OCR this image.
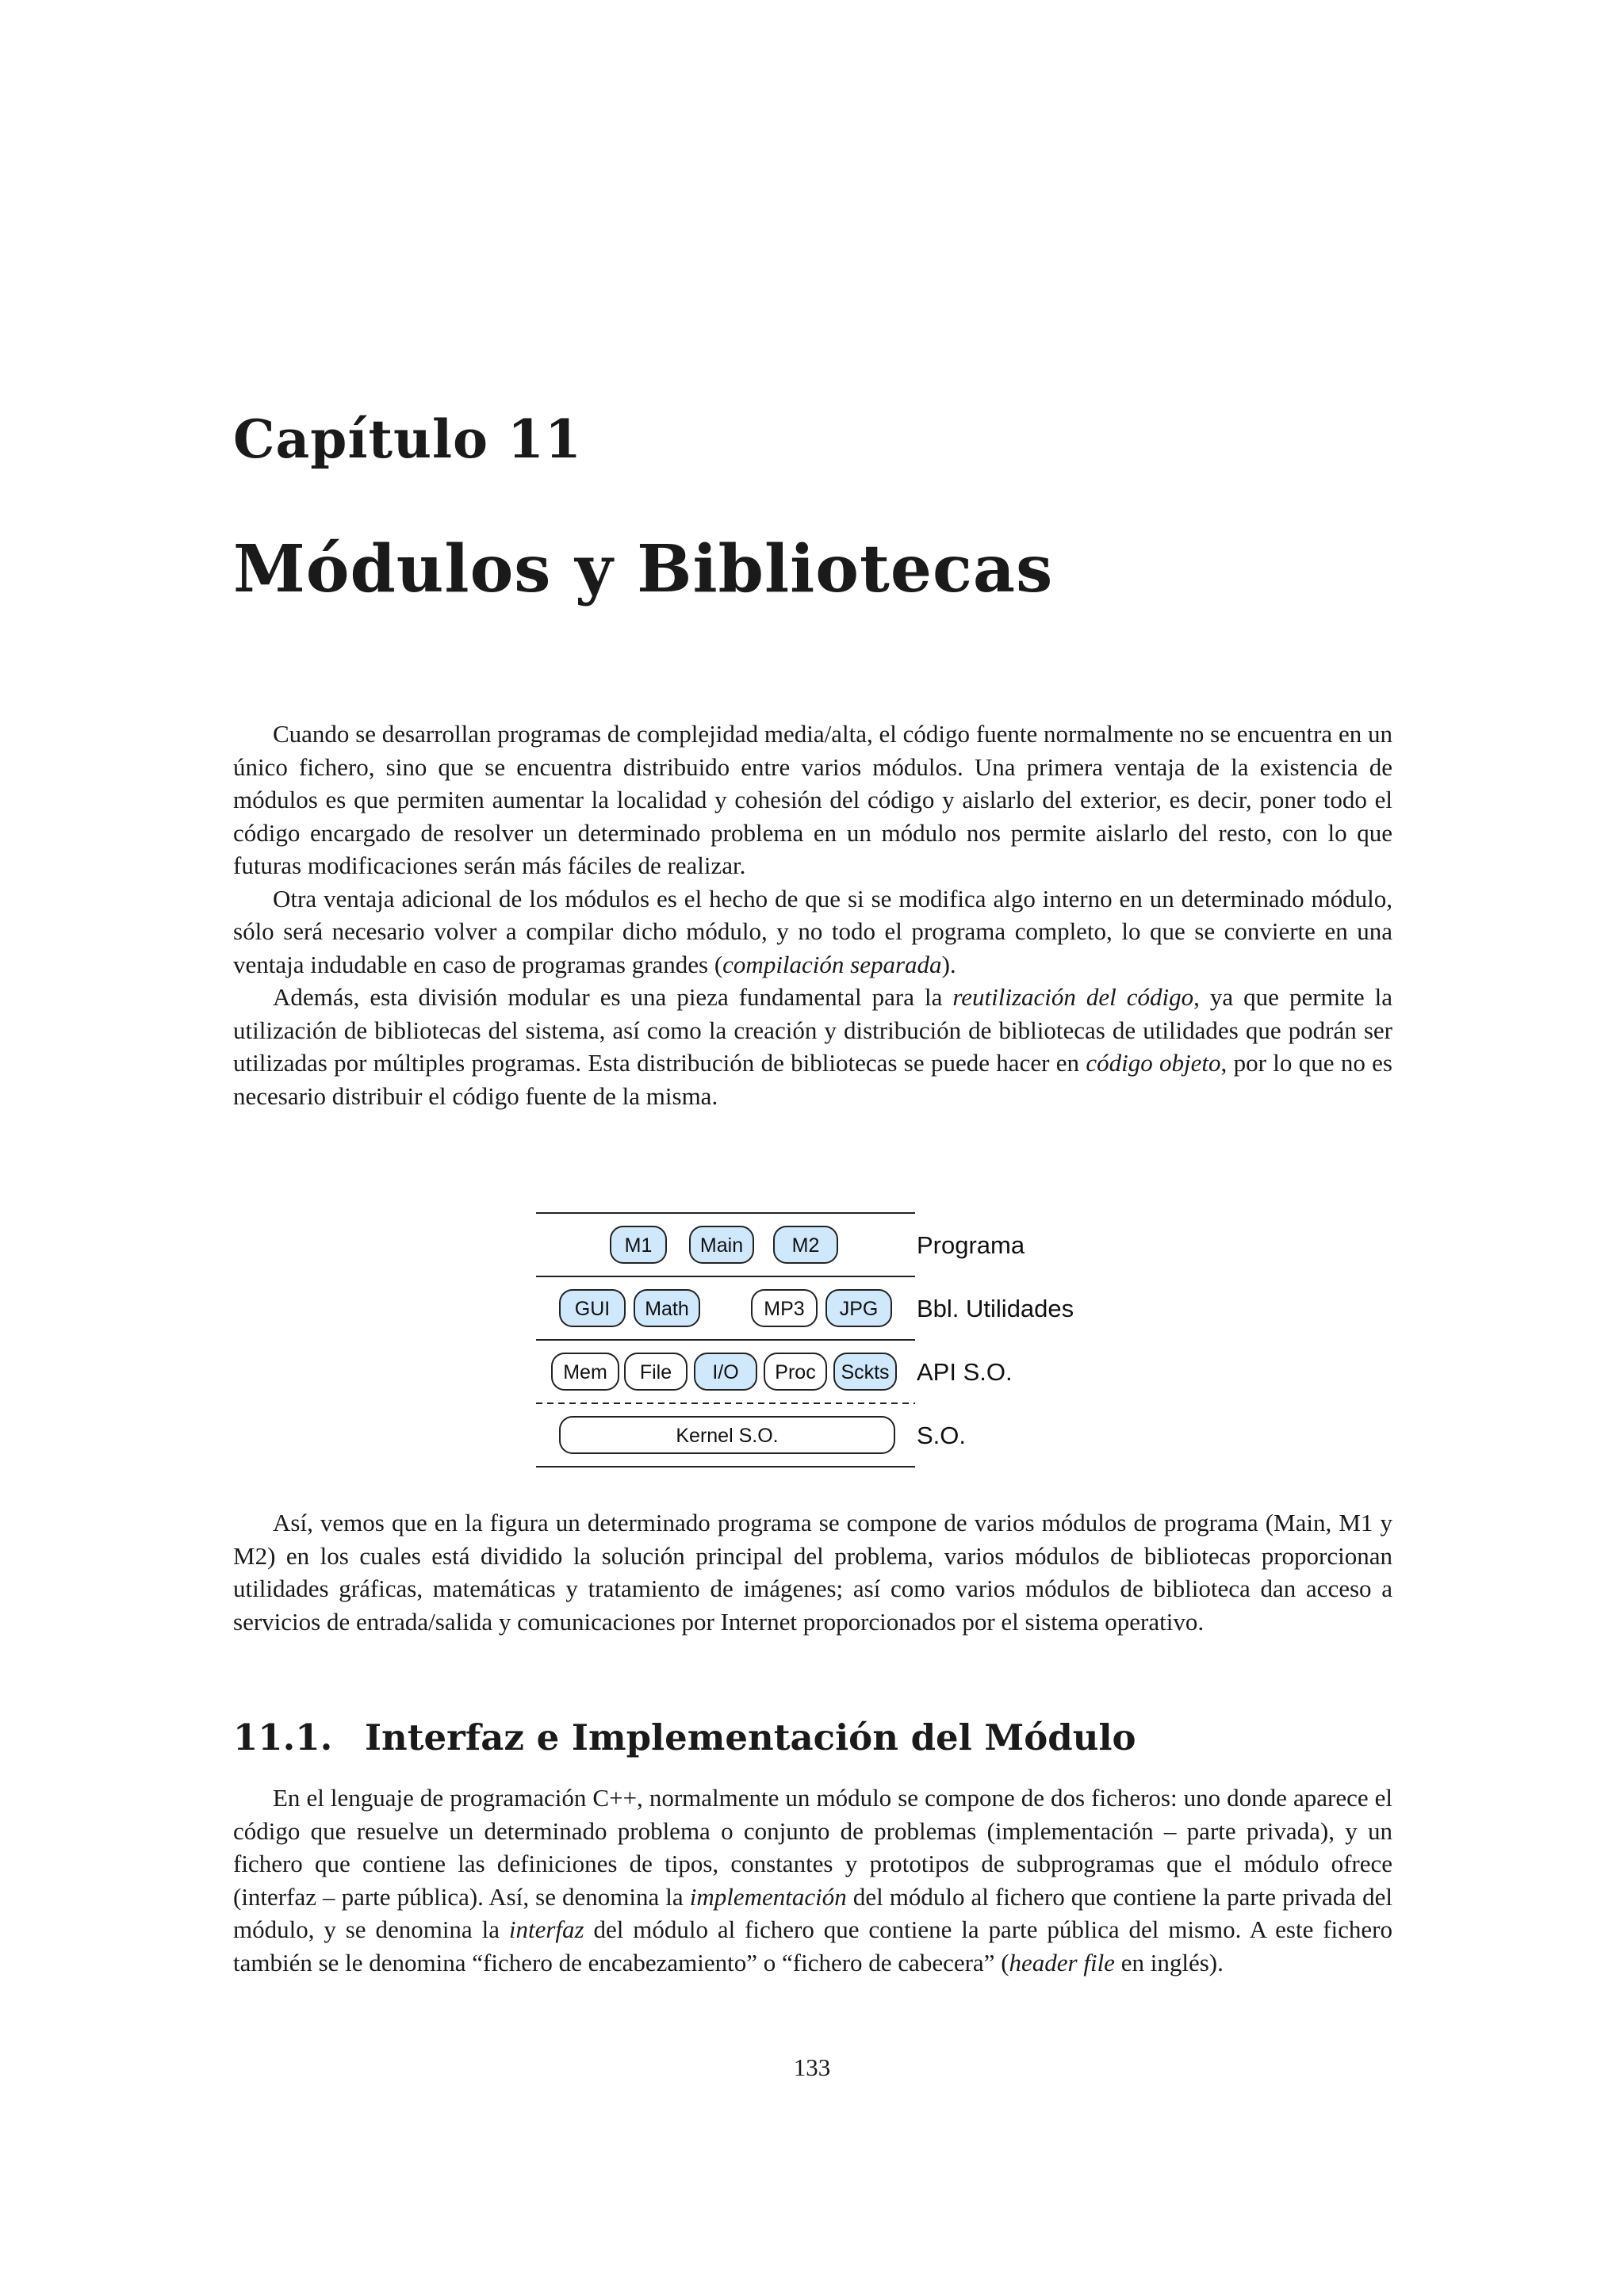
Capítulo 11
Módulos y Bibliotecas

Cuando se desarrollan programas de complejidad media/alta, el código fuente normalmente no se encuentra en un único fichero, sino que se encuentra distribuido entre varios módulos. Una primera ventaja de la existencia de módulos es que permiten aumentar la localidad y cohesión del código y aislarlo del exterior, es decir, poner todo el código encargado de resolver un determinado problema en un módulo nos permite aislarlo del resto, con lo que futuras modificaciones serán más fáciles de realizar.

Otra ventaja adicional de los módulos es el hecho de que si se modifica algo interno en un determinado módulo, sólo será necesario volver a compilar dicho módulo, y no todo el programa completo, lo que se convierte en una ventaja indudable en caso de programas grandes (compilación separada).

Además, esta división modular es una pieza fundamental para la reutilización del código, ya que permite la utilización de bibliotecas del sistema, así como la creación y distribución de bibliotecas de utilidades que podrán ser utilizadas por múltiples programas. Esta distribución de bibliotecas se puede hacer en código objeto, por lo que no es necesario distribuir el código fuente de la misma.

M1 Main M2	Programa
GUI Math	MP3 JPG Bbl. Utilidades
Mem File I/O Proc Sckts API S.O.
Kernel S.O.	S.O.

Así, vemos que en la figura un determinado programa se compone de varios módulos de programa (Main, M1 y M2) en los cuales está dividido la solución principal del problema, varios módulos de bibliotecas proporcionan utilidades gráficas, matemáticas y tratamiento de imágenes; así como varios módulos de biblioteca dan acceso a servicios de entrada/salida y comunicaciones por Internet proporcionados por el sistema operativo.

11.1. Interfaz e Implementación del Módulo

En el lenguaje de programación C++, normalmente un módulo se compone de dos ficheros: uno donde aparece el código que resuelve un determinado problema o conjunto de problemas (implementación – parte privada), y un fichero que contiene las definiciones de tipos, constantes y prototipos de subprogramas que el módulo ofrece (interfaz – parte pública). Así, se denomina la implementación del módulo al fichero que contiene la parte privada del módulo, y se denomina la interfaz del módulo al fichero que contiene la parte pública del mismo. A este fichero también se le denomina “fichero de encabezamiento” o “fichero de cabecera” (header file en inglés).

133
